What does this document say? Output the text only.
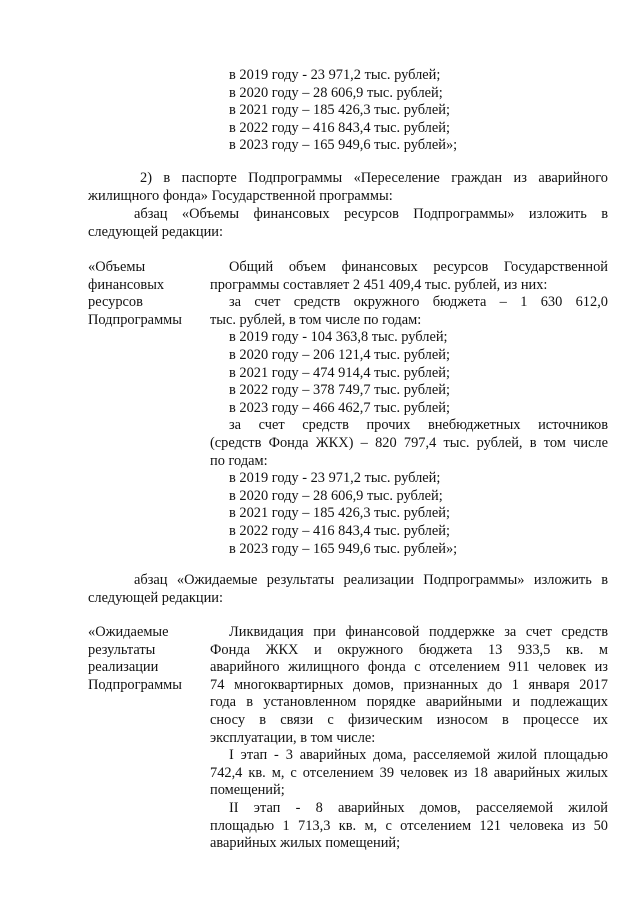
в 2019 году - 23 971,2 тыс. рублей;
в 2020 году – 28 606,9 тыс. рублей;
в 2021 году – 185 426,3 тыс. рублей;
в 2022 году – 416 843,4 тыс. рублей;
в 2023 году – 165 949,6 тыс. рублей»;
2) в паспорте Подпрограммы «Переселение граждан из аварийного
жилищного фонда» Государственной программы:
абзац «Объемы финансовых ресурсов Подпрограммы» изложить в
следующей редакции:
«Объемы
финансовых
ресурсов
Подпрограммы
Общий объем финансовых ресурсов Государственной
программы составляет 2 451 409,4 тыс. рублей, из них:
за счет средств окружного бюджета – 1 630 612,0
тыс. рублей, в том числе по годам:
в 2019 году - 104 363,8 тыс. рублей;
в 2020 году – 206 121,4 тыс. рублей;
в 2021 году – 474 914,4 тыс. рублей;
в 2022 году – 378 749,7 тыс. рублей;
в 2023 году – 466 462,7 тыс. рублей;
за счет средств прочих внебюджетных источников
(средств Фонда ЖКХ) – 820 797,4 тыс. рублей, в том числе
по годам:
в 2019 году - 23 971,2 тыс. рублей;
в 2020 году – 28 606,9 тыс. рублей;
в 2021 году – 185 426,3 тыс. рублей;
в 2022 году – 416 843,4 тыс. рублей;
в 2023 году – 165 949,6 тыс. рублей»;
абзац «Ожидаемые результаты реализации Подпрограммы» изложить в
следующей редакции:
«Ожидаемые
результаты
реализации
Подпрограммы
Ликвидация при финансовой поддержке за счет средств
Фонда ЖКХ и окружного бюджета 13 933,5 кв. м
аварийного жилищного фонда с отселением 911 человек из
74 многоквартирных домов, признанных до 1 января 2017
года в установленном порядке аварийными и подлежащих
сносу в связи с физическим износом в процессе их
эксплуатации, в том числе:
I этап - 3 аварийных дома, расселяемой жилой площадью
742,4 кв. м, с отселением 39 человек из 18 аварийных жилых
помещений;
II этап - 8 аварийных домов, расселяемой жилой
площадью 1 713,3 кв. м, с отселением 121 человека из 50
аварийных жилых помещений;
